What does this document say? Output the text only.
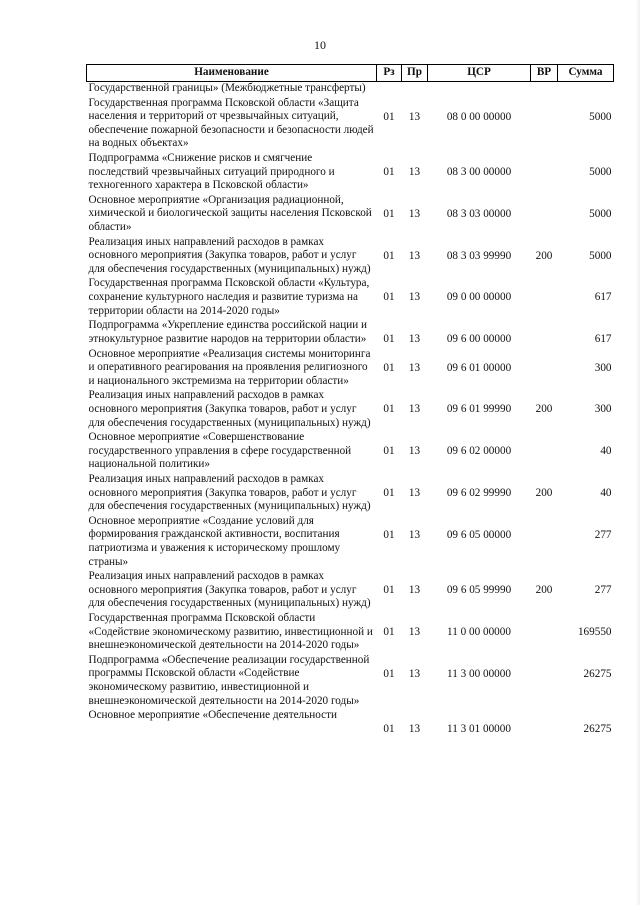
10
Наименование	Рз	Пр	ЦСР	ВР	Сумма
Государственной границы» (Межбюджетные трансферты)					
Государственная программа Псковской области «Защита населения и территорий от чрезвычайных ситуаций, обеспечение пожарной безопасности и безопасности людей на водных объектах»	01	13	08 0 00 00000		5000
Подпрограмма «Снижение рисков и смягчение последствий чрезвычайных ситуаций природного и техногенного характера в Псковской области»	01	13	08 3 00 00000		5000
Основное мероприятие «Организация радиационной, химической и биологической защиты населения Псковской области»	01	13	08 3 03 00000		5000
Реализация иных направлений расходов в рамках основного мероприятия (Закупка товаров, работ и услуг для обеспечения государственных (муниципальных) нужд)	01	13	08 3 03 99990	200	5000
Государственная программа Псковской области «Культура, сохранение культурного наследия и развитие туризма на территории области на 2014-2020 годы»	01	13	09 0 00 00000		617
Подпрограмма «Укрепление единства российской нации и этнокультурное развитие народов на территории области»	01	13	09 6 00 00000		617
Основное мероприятие «Реализация системы мониторинга и оперативного реагирования на проявления религиозного и национального экстремизма на территории области»	01	13	09 6 01 00000		300
Реализация иных направлений расходов в рамках основного мероприятия (Закупка товаров, работ и услуг для обеспечения государственных (муниципальных) нужд)	01	13	09 6 01 99990	200	300
Основное мероприятие «Совершенствование государственного управления в сфере государственной национальной политики»	01	13	09 6 02 00000		40
Реализация иных направлений расходов в рамках основного мероприятия (Закупка товаров, работ и услуг для обеспечения государственных (муниципальных) нужд)	01	13	09 6 02 99990	200	40
Основное мероприятие «Создание условий для формирования гражданской активности, воспитания патриотизма и уважения к историческому прошлому страны»	01	13	09 6 05 00000		277
Реализация иных направлений расходов в рамках основного мероприятия (Закупка товаров, работ и услуг для обеспечения государственных (муниципальных) нужд)	01	13	09 6 05 99990	200	277
Государственная программа Псковской области «Содействие экономическому развитию, инвестиционной и внешнеэкономической деятельности на 2014-2020 годы»	01	13	11 0 00 00000		169550
Подпрограмма «Обеспечение реализации государственной программы Псковской области «Содействие экономическому развитию, инвестиционной и внешнеэкономической деятельности на 2014-2020 годы»	01	13	11 3 00 00000		26275
Основное мероприятие «Обеспечение деятельности	01	13	11 3 01 00000		26275
